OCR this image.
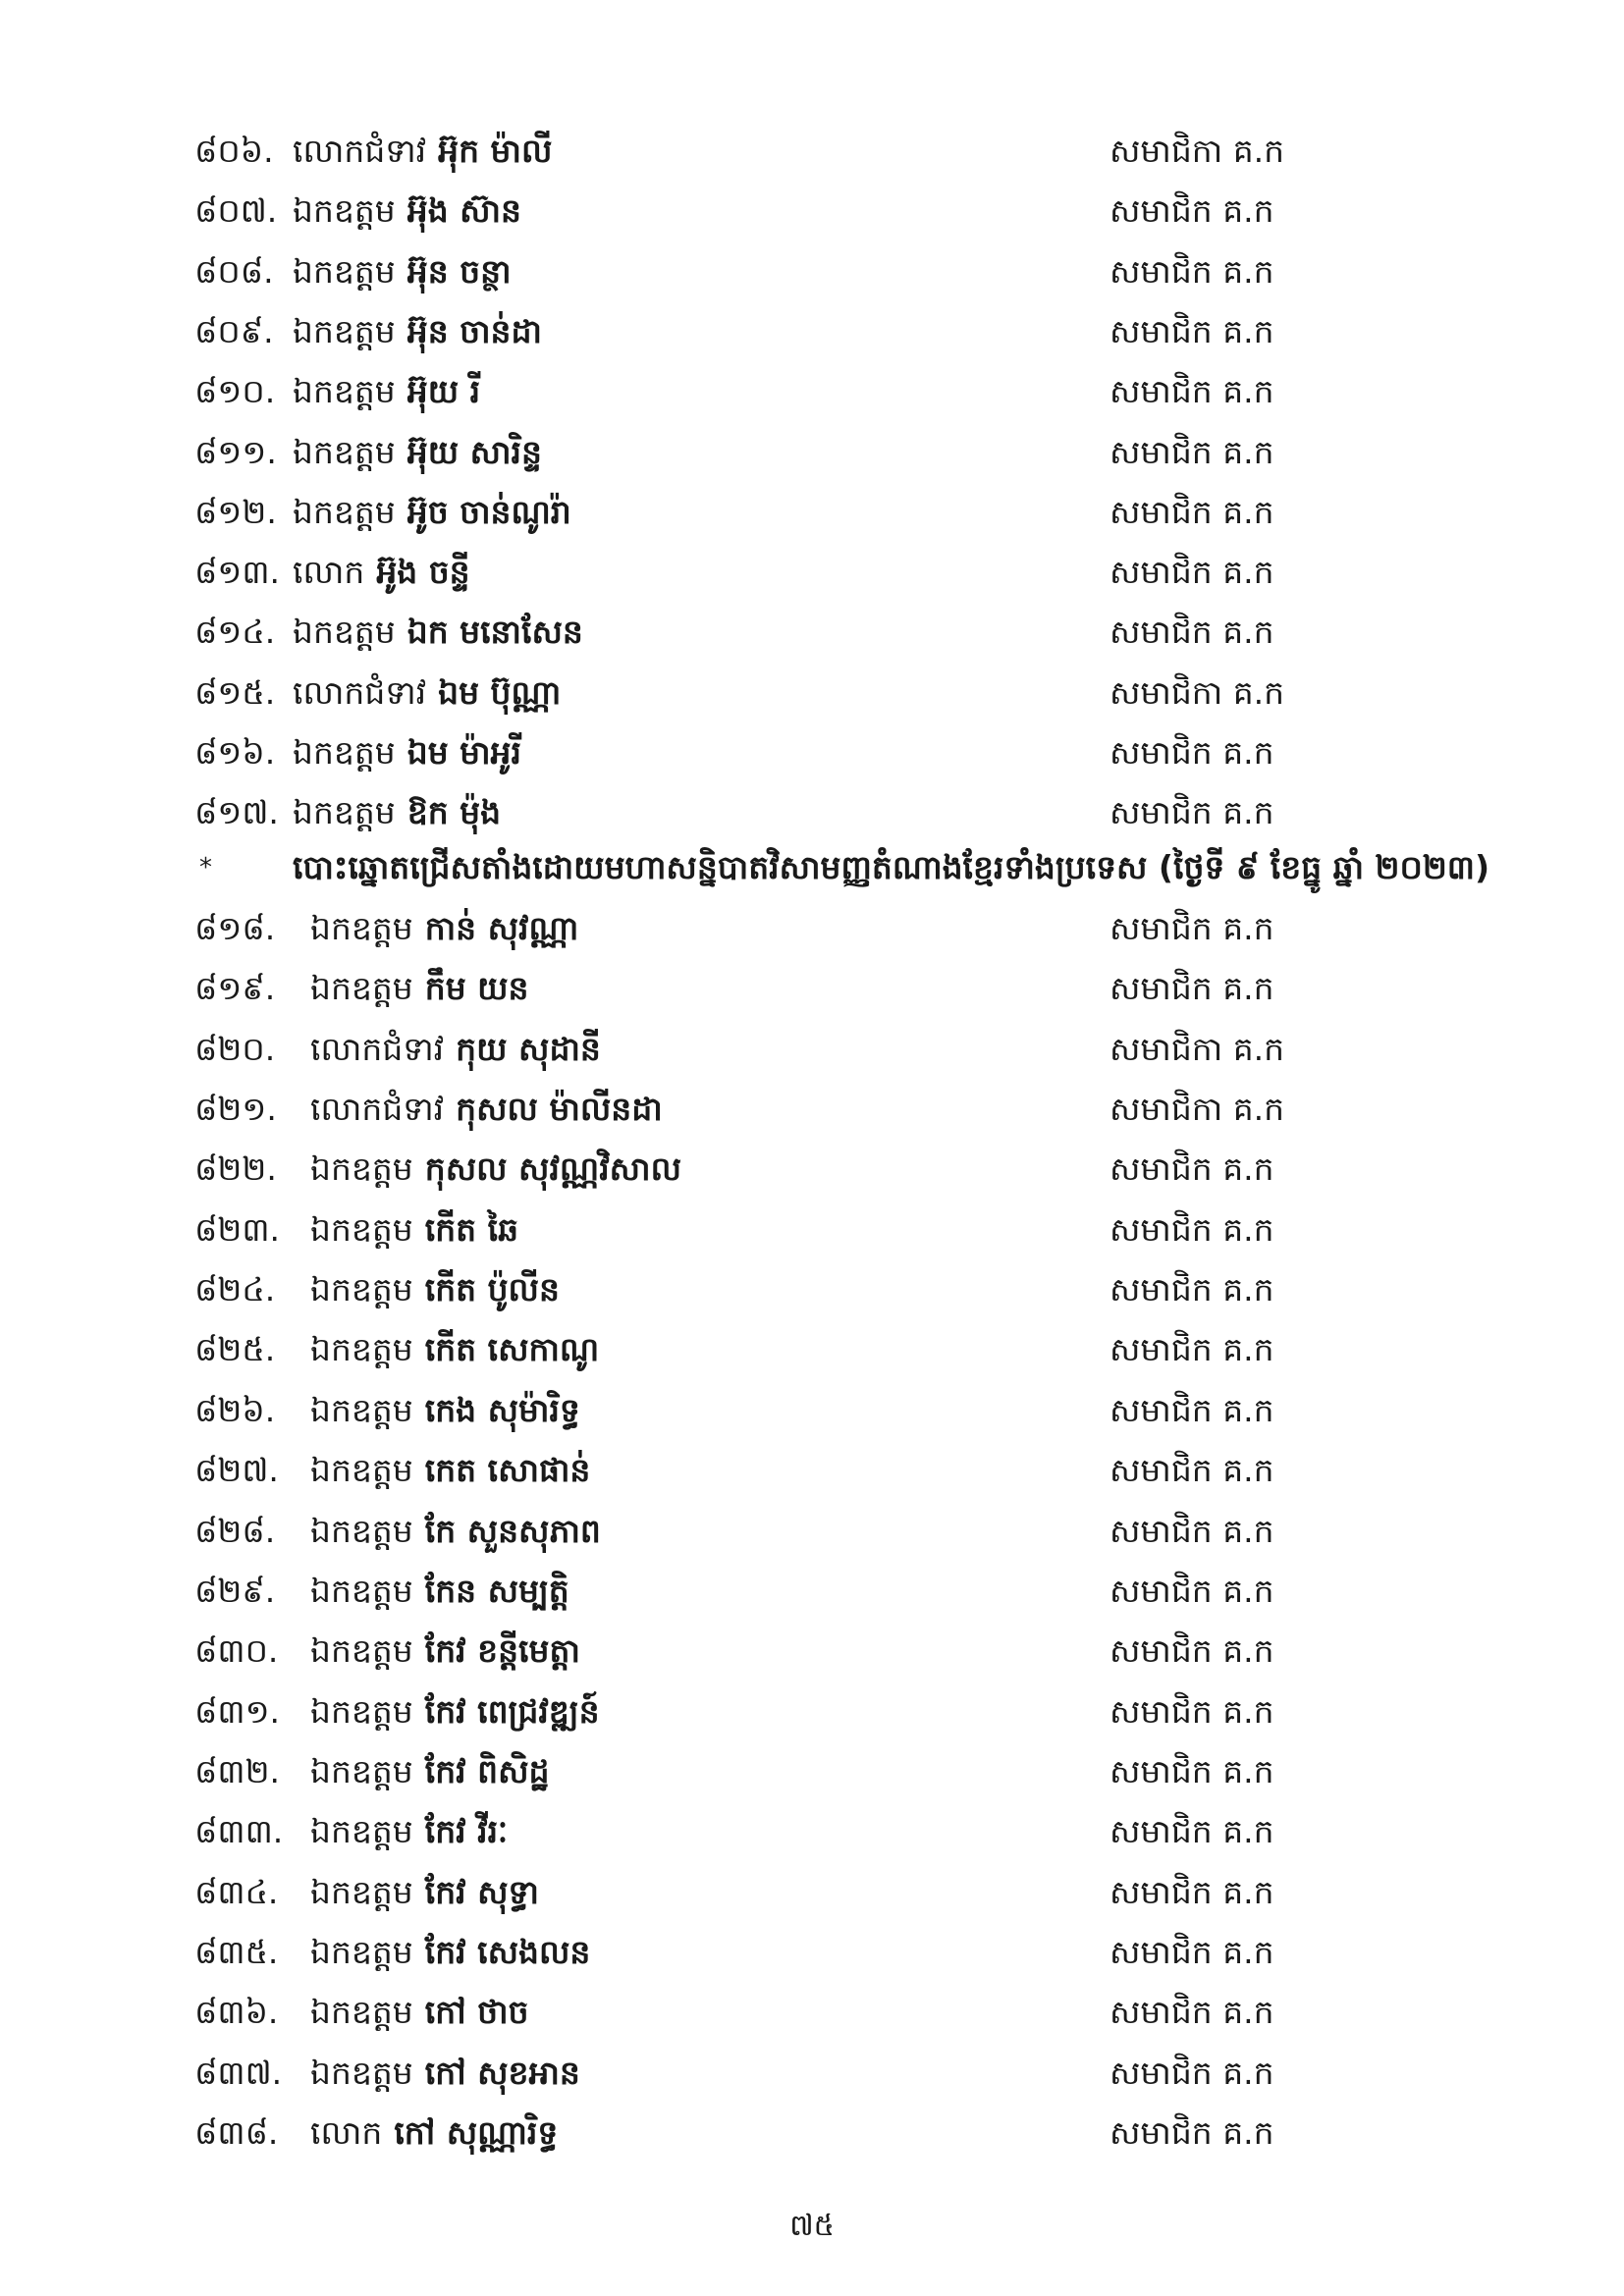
៨០៦. លោកជំទាវ អ៊ុក ម៉ាលី	សមាជិកា គ.ក
៨០៧. ឯកឧត្តម អ៊ុង ស៊ាន	សមាជិក គ.ក
៨០៨. ឯកឧត្តម អ៊ុន ចន្ថា	សមាជិក គ.ក
៨០៩. ឯកឧត្តម អ៊ុន ចាន់ដា	សមាជិក គ.ក
៨១០. ឯកឧត្តម អ៊ុយ រី	សមាជិក គ.ក
៨១១. ឯកឧត្តម អ៊ុយ សារិន្ទ	សមាជិក គ.ក
៨១២. ឯកឧត្តម អ៊ូច ចាន់ណូរ៉ា	សមាជិក គ.ក
៨១៣. លោក អ៊ូង ចន្ទី	សមាជិក គ.ក
៨១៤. ឯកឧត្តម ឯក មនោសែន	សមាជិក គ.ក
៨១៥. លោកជំទាវ ឯម ប៊ុណ្ណា	សមាជិកា គ.ក
៨១៦. ឯកឧត្តម ឯម ម៉ាអូរី	សមាជិក គ.ក
៨១៧. ឯកឧត្តម ឱក ម៉ុង	សមាជិក គ.ក
* បោះឆ្នោតជ្រើសតាំងដោយមហាសន្និបាតវិសាមញ្ញតំណាងខ្មែរទាំងប្រទេស (ថ្ងៃទី ៩ ខែធ្នូ ឆ្នាំ ២០២៣)
៨១៨. ឯកឧត្តម កាន់ សុវណ្ណា	សមាជិក គ.ក
៨១៩. ឯកឧត្តម កឹម យន	សមាជិក គ.ក
៨២០. លោកជំទាវ កុយ សុដានី	សមាជិកា គ.ក
៨២១. លោកជំទាវ កុសល ម៉ាលីនដា	សមាជិកា គ.ក
៨២២. ឯកឧត្តម កុសល សុវណ្ណវិសាល	សមាជិក គ.ក
៨២៣. ឯកឧត្តម កើត ឆៃ	សមាជិក គ.ក
៨២៤. ឯកឧត្តម កើត ប៉ូលីន	សមាជិក គ.ក
៨២៥. ឯកឧត្តម កើត សេកាណូ	សមាជិក គ.ក
៨២៦. ឯកឧត្តម កេង សុម៉ារិទ្ធ	សមាជិក គ.ក
៨២៧. ឯកឧត្តម កេត សោផាន់	សមាជិក គ.ក
៨២៨. ឯកឧត្តម កែ សួនសុភាព	សមាជិក គ.ក
៨២៩. ឯកឧត្តម កែន សម្បត្តិ	សមាជិក គ.ក
៨៣០. ឯកឧត្តម កែវ ខន្តីមេត្តា	សមាជិក គ.ក
៨៣១. ឯកឧត្តម កែវ ពេជ្រវឌ្ឍន៍	សមាជិក គ.ក
៨៣២. ឯកឧត្តម កែវ ពិសិដ្ឋ	សមាជិក គ.ក
៨៣៣. ឯកឧត្តម កែវ វីរៈ	សមាជិក គ.ក
៨៣៤. ឯកឧត្តម កែវ សុទ្ធា	សមាជិក គ.ក
៨៣៥. ឯកឧត្តម កែវ សេងលន	សមាជិក គ.ក
៨៣៦. ឯកឧត្តម កៅ ថាច	សមាជិក គ.ក
៨៣៧. ឯកឧត្តម កៅ សុខអាន	សមាជិក គ.ក
៨៣៨. លោក កៅ សុណ្ណារិទ្ធ	សមាជិក គ.ក
៧៥
